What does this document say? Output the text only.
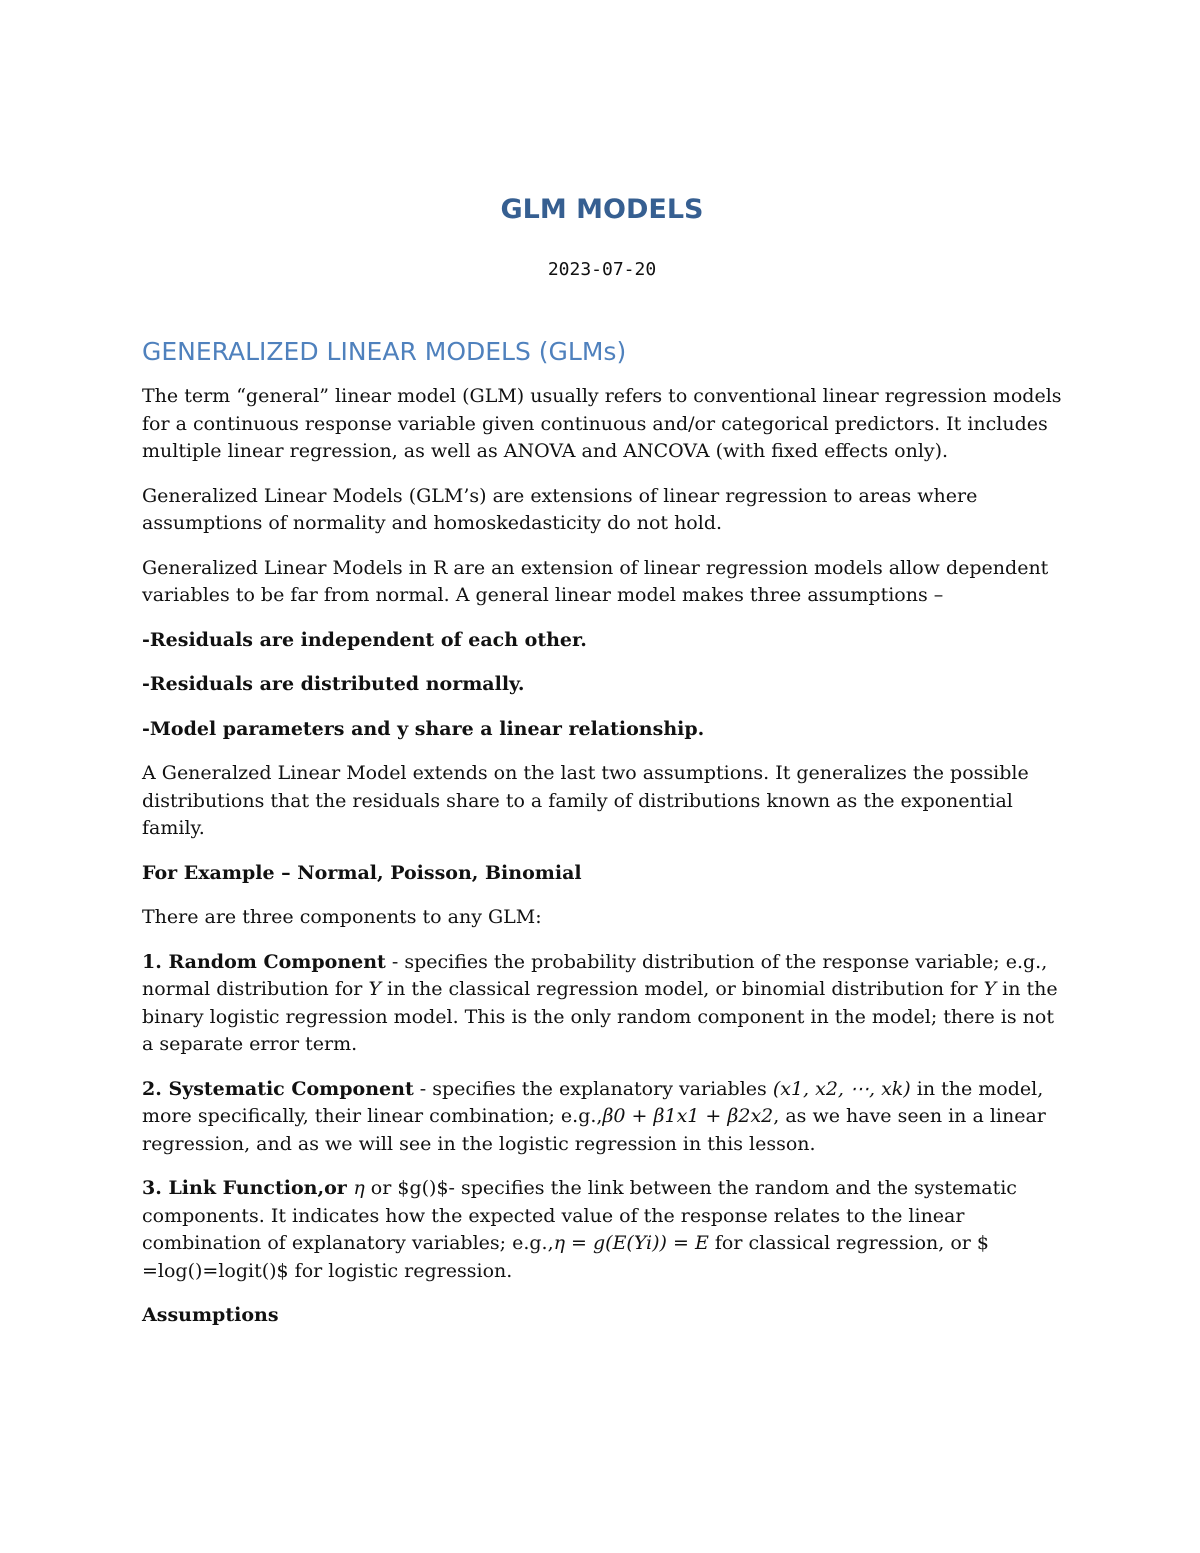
GLM MODELS
2023-07-20
GENERALIZED LINEAR MODELS (GLMs)

The term “general” linear model (GLM) usually refers to conventional linear regression models for a continuous response variable given continuous and/or categorical predictors. It includes multiple linear regression, as well as ANOVA and ANCOVA (with fixed effects only).

Generalized Linear Models (GLM’s) are extensions of linear regression to areas where assumptions of normality and homoskedasticity do not hold.

Generalized Linear Models in R are an extension of linear regression models allow dependent variables to be far from normal. A general linear model makes three assumptions –

-Residuals are independent of each other.

-Residuals are distributed normally.

-Model parameters and y share a linear relationship.

A Generalzed Linear Model extends on the last two assumptions. It generalizes the possible distributions that the residuals share to a family of distributions known as the exponential family.

For Example – Normal, Poisson, Binomial

There are three components to any GLM:

1. Random Component - specifies the probability distribution of the response variable; e.g., normal distribution for Y in the classical regression model, or binomial distribution for Y in the binary logistic regression model. This is the only random component in the model; there is not a separate error term.

2. Systematic Component - specifies the explanatory variables (x1, x2, ⋯, xk) in the model, more specifically, their linear combination; e.g.,β0 + β1x1 + β2x2, as we have seen in a linear regression, and as we will see in the logistic regression in this lesson.

3. Link Function,or η or $g()$- specifies the link between the random and the systematic components. It indicates how the expected value of the response relates to the linear combination of explanatory variables; e.g.,η = g(E(Yi)) = E for classical regression, or $ =log()=logit()$ for logistic regression.

Assumptions
